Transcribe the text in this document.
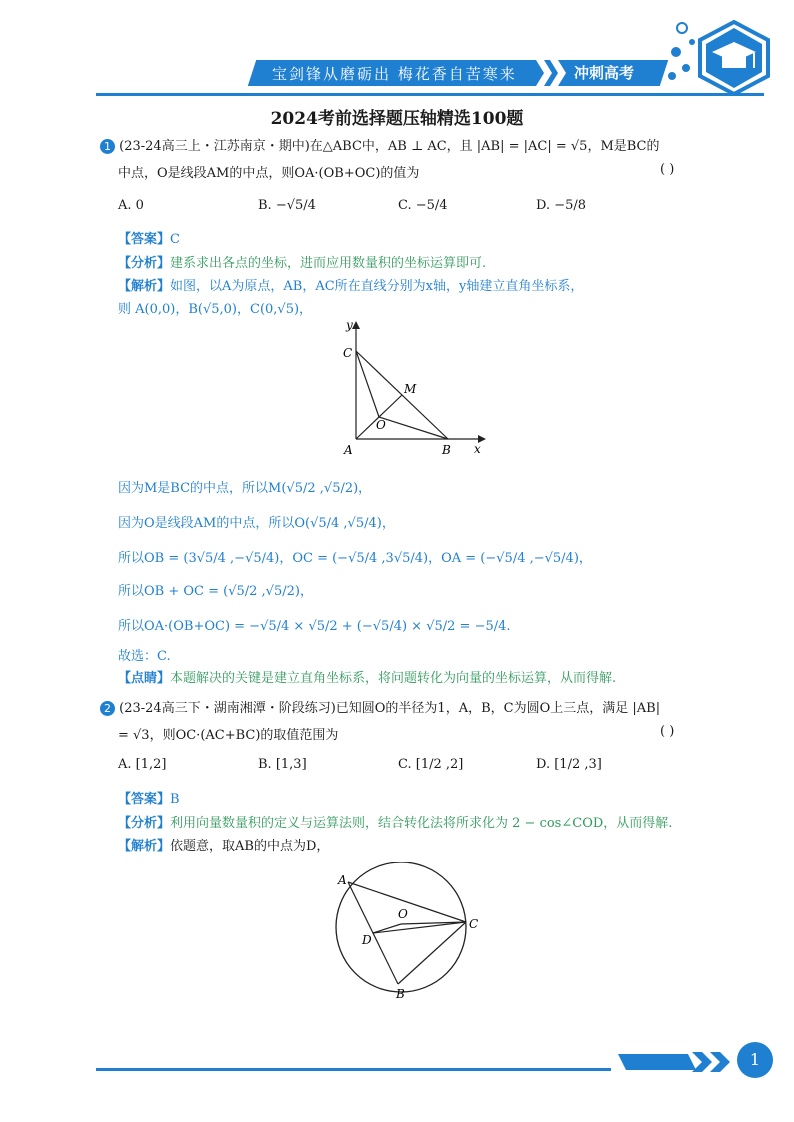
宝剑锋从磨砺出 梅花香自苦寒来	冲刺高考
2024考前选择题压轴精选100题
1 (23-24高三上・江苏南京・期中)在△ABC中，AB ⊥ AC，且 |AB| = |AC| = √5，M是BC的
中点，O是线段AM的中点，则OA·(OB+OC)的值为	( )
A. 0	B. −√5/4	C. −5/4	D. −5/8
【答案】C
【分析】建系求出各点的坐标，进而应用数量积的坐标运算即可.
【解析】如图，以A为原点，AB，AC所在直线分别为x轴，y轴建立直角坐标系，
则 A(0,0)，B(√5,0)，C(0,√5)，
y
x
C
M
O
A	B
因为M是BC的中点，所以M(√5/2 ,√5/2)，
因为O是线段AM的中点，所以O(√5/4 ,√5/4)，
所以OB = (3√5/4 ,−√5/4)，OC = (−√5/4 ,3√5/4)，OA = (−√5/4 ,−√5/4)，
所以OB + OC = (√5/2 ,√5/2)，
所以OA·(OB+OC) = −√5/4 × √5/2 + (−√5/4) × √5/2 = −5/4.
故选：C.
【点睛】本题解决的关键是建立直角坐标系，将问题转化为向量的坐标运算，从而得解.
2 (23-24高三下・湖南湘潭・阶段练习)已知圆O的半径为1，A，B，C为圆O上三点，满足 |AB|
= √3，则OC·(AC+BC)的取值范围为	( )
A. [1,2]	B. [1,3]	C. [1/2 ,2]	D. [1/2 ,3]
【答案】B
【分析】利用向量数量积的定义与运算法则，结合转化法将所求化为 2 − cos∠COD，从而得解.
【解析】依题意，取AB的中点为D，
A
O
C
D
B
1
